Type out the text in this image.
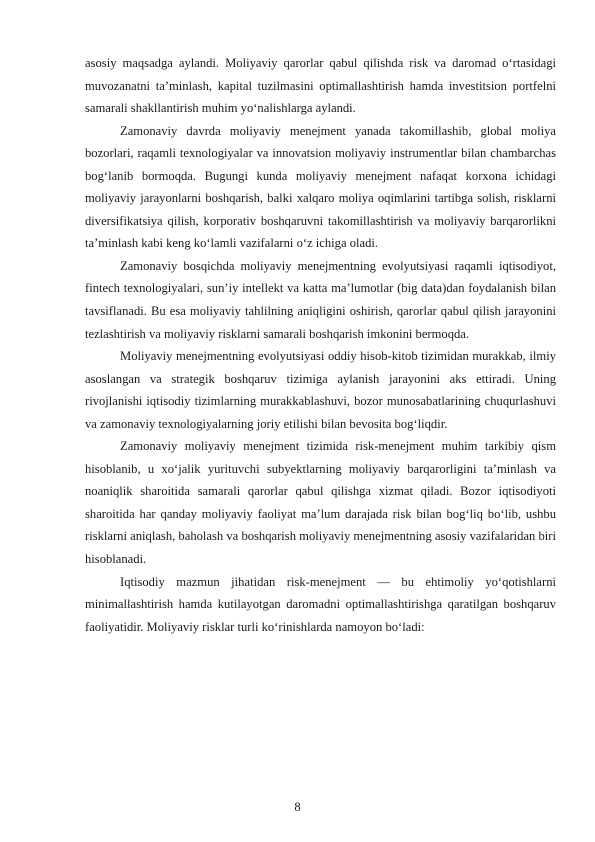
asosiy maqsadga aylandi. Moliyaviy qarorlar qabul qilishda risk va daromad o‘rtasidagi muvozanatni ta’minlash, kapital tuzilmasini optimallashtirish hamda investitsion portfelni samarali shakllantirish muhim yo‘nalishlarga aylandi.

Zamonaviy davrda moliyaviy menejment yanada takomillashib, global moliya bozorlari, raqamli texnologiyalar va innovatsion moliyaviy instrumentlar bilan chambarchas bog‘lanib bormoqda. Bugungi kunda moliyaviy menejment nafaqat korxona ichidagi moliyaviy jarayonlarni boshqarish, balki xalqaro moliya oqimlarini tartibga solish, risklarni diversifikatsiya qilish, korporativ boshqaruvni takomillashtirish va moliyaviy barqarorlikni ta’minlash kabi keng ko‘lamli vazifalarni o‘z ichiga oladi.

Zamonaviy bosqichda moliyaviy menejmentning evolyutsiyasi raqamli iqtisodiyot, fintech texnologiyalari, sun’iy intellekt va katta ma’lumotlar (big data)dan foydalanish bilan tavsiflanadi. Bu esa moliyaviy tahlilning aniqligini oshirish, qarorlar qabul qilish jarayonini tezlashtirish va moliyaviy risklarni samarali boshqarish imkonini bermoqda.

Moliyaviy menejmentning evolyutsiyasi oddiy hisob-kitob tizimidan murakkab, ilmiy asoslangan va strategik boshqaruv tizimiga aylanish jarayonini aks ettiradi. Uning rivojlanishi iqtisodiy tizimlarning murakkablashuvi, bozor munosabatlarining chuqurlashuvi va zamonaviy texnologiyalarning joriy etilishi bilan bevosita bog‘liqdir.

Zamonaviy moliyaviy menejment tizimida risk-menejment muhim tarkibiy qism hisoblanib, u xo‘jalik yurituvchi subyektlarning moliyaviy barqarorligini ta’minlash va noaniqlik sharoitida samarali qarorlar qabul qilishga xizmat qiladi. Bozor iqtisodiyoti sharoitida har qanday moliyaviy faoliyat ma’lum darajada risk bilan bog‘liq bo‘lib, ushbu risklarni aniqlash, baholash va boshqarish moliyaviy menejmentning asosiy vazifalaridan biri hisoblanadi.

Iqtisodiy mazmun jihatidan risk-menejment — bu ehtimoliy yo‘qotishlarni minimallashtirish hamda kutilayotgan daromadni optimallashtirishga qaratilgan boshqaruv faoliyatidir. Moliyaviy risklar turli ko‘rinishlarda namoyon bo‘ladi:

8
